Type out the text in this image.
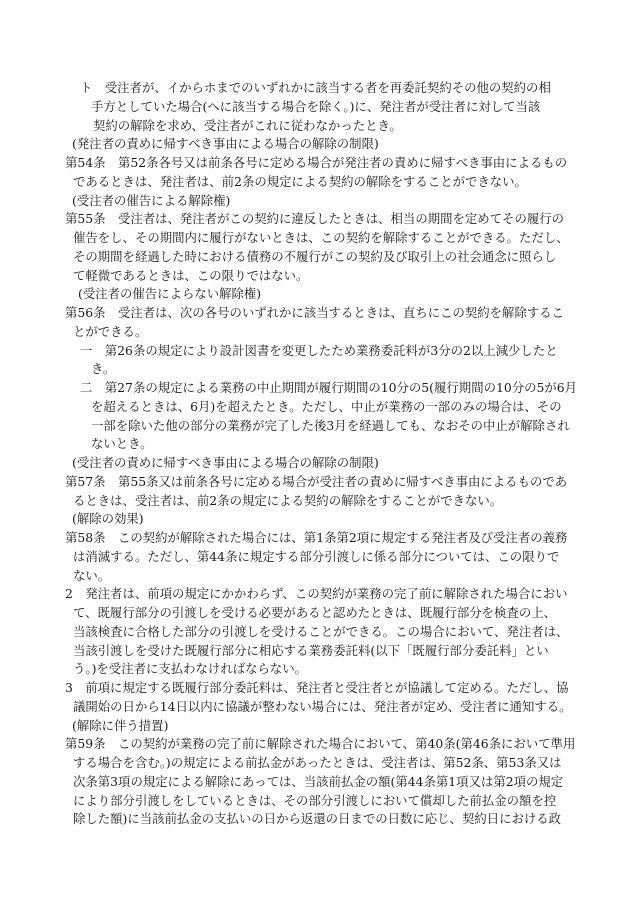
ト　受注者が、イからホまでのいずれかに該当する者を再委託契約その他の契約の相
手方としていた場合(へに該当する場合を除く。)に、発注者が受注者に対して当該
契約の解除を求め、受注者がこれに従わなかったとき。
(発注者の責めに帰すべき事由による場合の解除の制限)
第54条　第52条各号又は前条各号に定める場合が発注者の責めに帰すべき事由によるもの
であるときは、発注者は、前2条の規定による契約の解除をすることができない。
(受注者の催告による解除権)
第55条　受注者は、発注者がこの契約に違反したときは、相当の期間を定めてその履行の
催告をし、その期間内に履行がないときは、この契約を解除することができる。ただし、
その期間を経過した時における債務の不履行がこの契約及び取引上の社会通念に照らし
て軽微であるときは、この限りではない。
(受注者の催告によらない解除権)
第56条　受注者は、次の各号のいずれかに該当するときは、直ちにこの契約を解除するこ
とができる。
一　第26条の規定により設計図書を変更したため業務委託料が3分の2以上減少したと
き。
二　第27条の規定による業務の中止期間が履行期間の10分の5(履行期間の10分の5が6月
を超えるときは、6月)を超えたとき。ただし、中止が業務の一部のみの場合は、その
一部を除いた他の部分の業務が完了した後3月を経過しても、なおその中止が解除され
ないとき。
(受注者の責めに帰すべき事由による場合の解除の制限)
第57条　第55条又は前条各号に定める場合が受注者の責めに帰すべき事由によるものであ
るときは、受注者は、前2条の規定による契約の解除をすることができない。
(解除の効果)
第58条　この契約が解除された場合には、第1条第2項に規定する発注者及び受注者の義務
は消滅する。ただし、第44条に規定する部分引渡しに係る部分については、この限りで
ない。
2　発注者は、前項の規定にかかわらず、この契約が業務の完了前に解除された場合におい
て、既履行部分の引渡しを受ける必要があると認めたときは、既履行部分を検査の上、
当該検査に合格した部分の引渡しを受けることができる。この場合において、発注者は、
当該引渡しを受けた既履行部分に相応する業務委託料(以下「既履行部分委託料」とい
う。)を受注者に支払わなければならない。
3　前項に規定する既履行部分委託料は、発注者と受注者とが協議して定める。ただし、協
議開始の日から14日以内に協議が整わない場合には、発注者が定め、受注者に通知する。
(解除に伴う措置)
第59条　この契約が業務の完了前に解除された場合において、第40条(第46条において準用
する場合を含む。)の規定による前払金があったときは、受注者は、第52条、第53条又は
次条第3項の規定による解除にあっては、当該前払金の額(第44条第1項又は第2項の規定
により部分引渡しをしているときは、その部分引渡しにおいて償却した前払金の額を控
除した額)に当該前払金の支払いの日から返還の日までの日数に応じ、契約日における政
